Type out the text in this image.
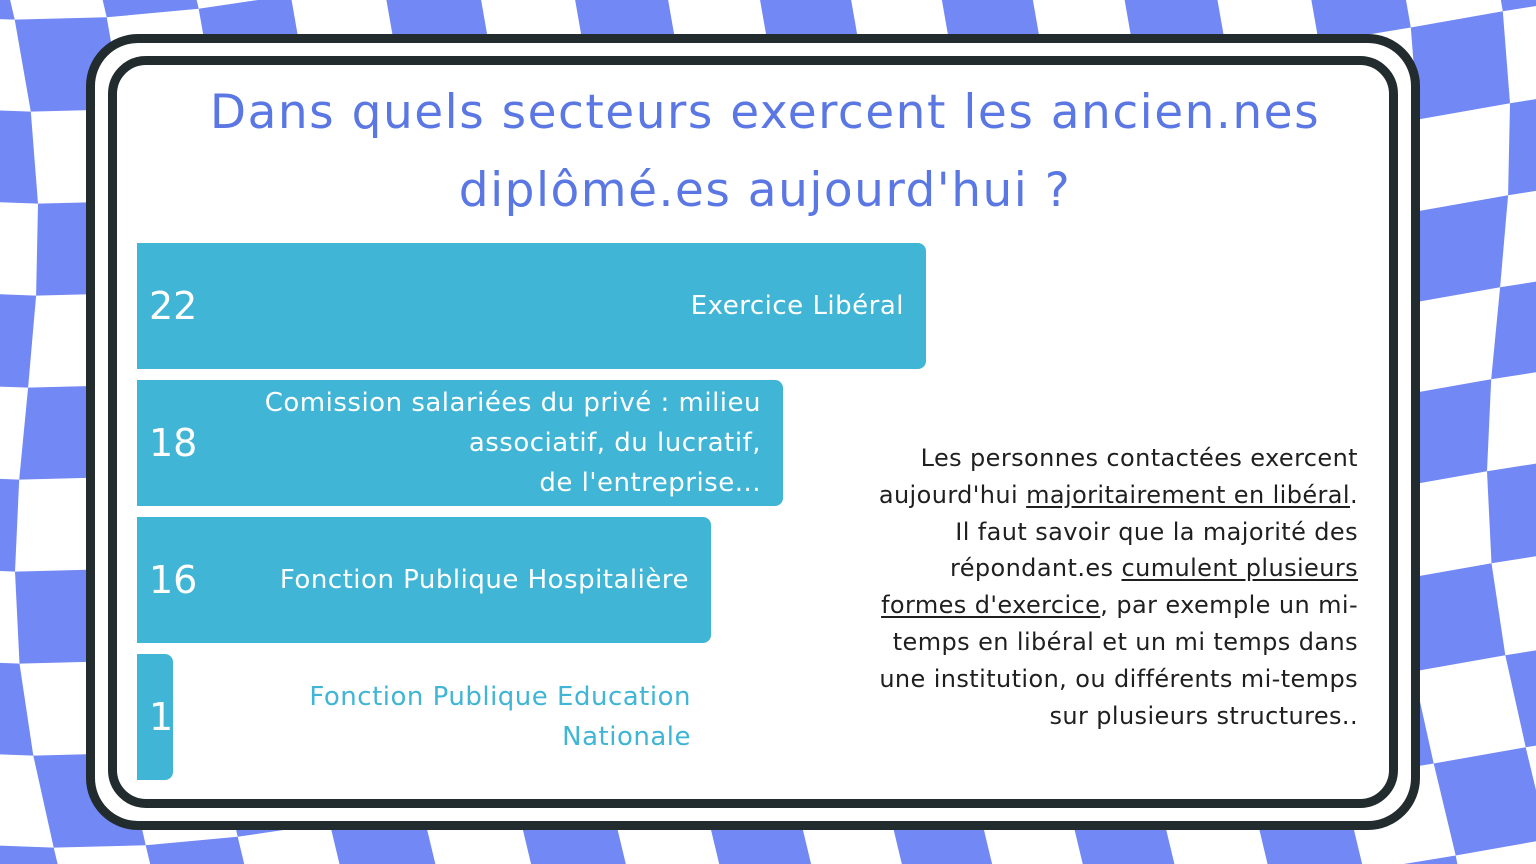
Dans quels secteurs exercent les ancien.nes
diplômé.es aujourd'hui ?
22
18
16
1
Exercice Libéral
Comission salariées du privé : milieu
associatif, du lucratif,
de l'entreprise...
Fonction Publique Hospitalière
Fonction Publique Education
Nationale
Les personnes contactées exercent aujourd'hui majoritairement en libéral. Il faut savoir que la majorité des répondant.es cumulent plusieurs formes d'exercice, par exemple un mi-temps en libéral et un mi temps dans une institution, ou différents mi-temps sur plusieurs structures..
